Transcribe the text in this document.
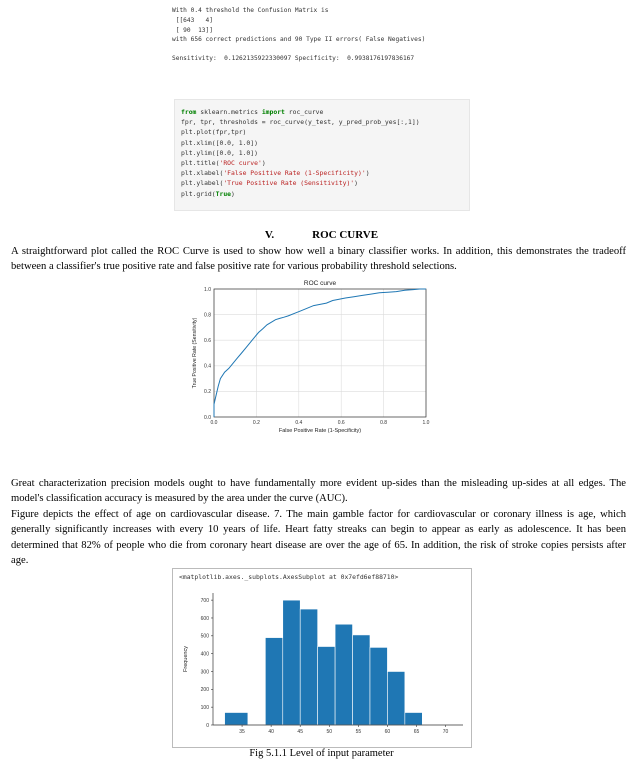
With 0.4 threshold the Confusion Matrix is
[[643   4]
[ 90  13]]
with 656 correct predictions and 90 Type II errors( False Negatives)
Sensitivity:  0.1262135922330097 Specificity:  0.9938176197836167
from sklearn.metrics import roc_curve
fpr, tpr, thresholds = roc_curve(y_test, y_pred_prob_yes[:,1])
plt.plot(fpr,tpr)
plt.xlim([0.0, 1.0])
plt.ylim([0.0, 1.0])
plt.title('ROC curve')
plt.xlabel('False Positive Rate (1-Specificity)')
plt.ylabel('True Positive Rate (Sensitivity)')
plt.grid(True)
V.	ROC CURVE
A straightforward plot called the ROC Curve is used to show how well a binary classifier works. In addition, this demonstrates the tradeoff between a classifier's true positive rate and false positive rate for various probability threshold selections.
ROC curve
0.0	0.2	0.4	0.6	0.8	1.0
0.0
0.2
0.4
0.6
0.8
1.0
False Positive Rate (1-Specificity)
True Positive Rate (Sensitivity)
Great characterization precision models ought to have fundamentally more evident up-sides than the misleading up-sides at all edges. The model's classification accuracy is measured by the area under the curve (AUC).
Figure depicts the effect of age on cardiovascular disease. 7. The main gamble factor for cardiovascular or coronary illness is age, which generally significantly increases with every 10 years of life. Heart fatty streaks can begin to appear as early as adolescence. It has been determined that 82% of people who die from coronary heart disease are over the age of 65. In addition, the risk of stroke copies persists after age.
<matplotlib.axes._subplots.AxesSubplot at 0x7efd6ef88710>
0
100
200
300
400
500
600
700
35	40	45	50	55	60	65	70
Frequency
Fig 5.1.1 Level of input parameter
